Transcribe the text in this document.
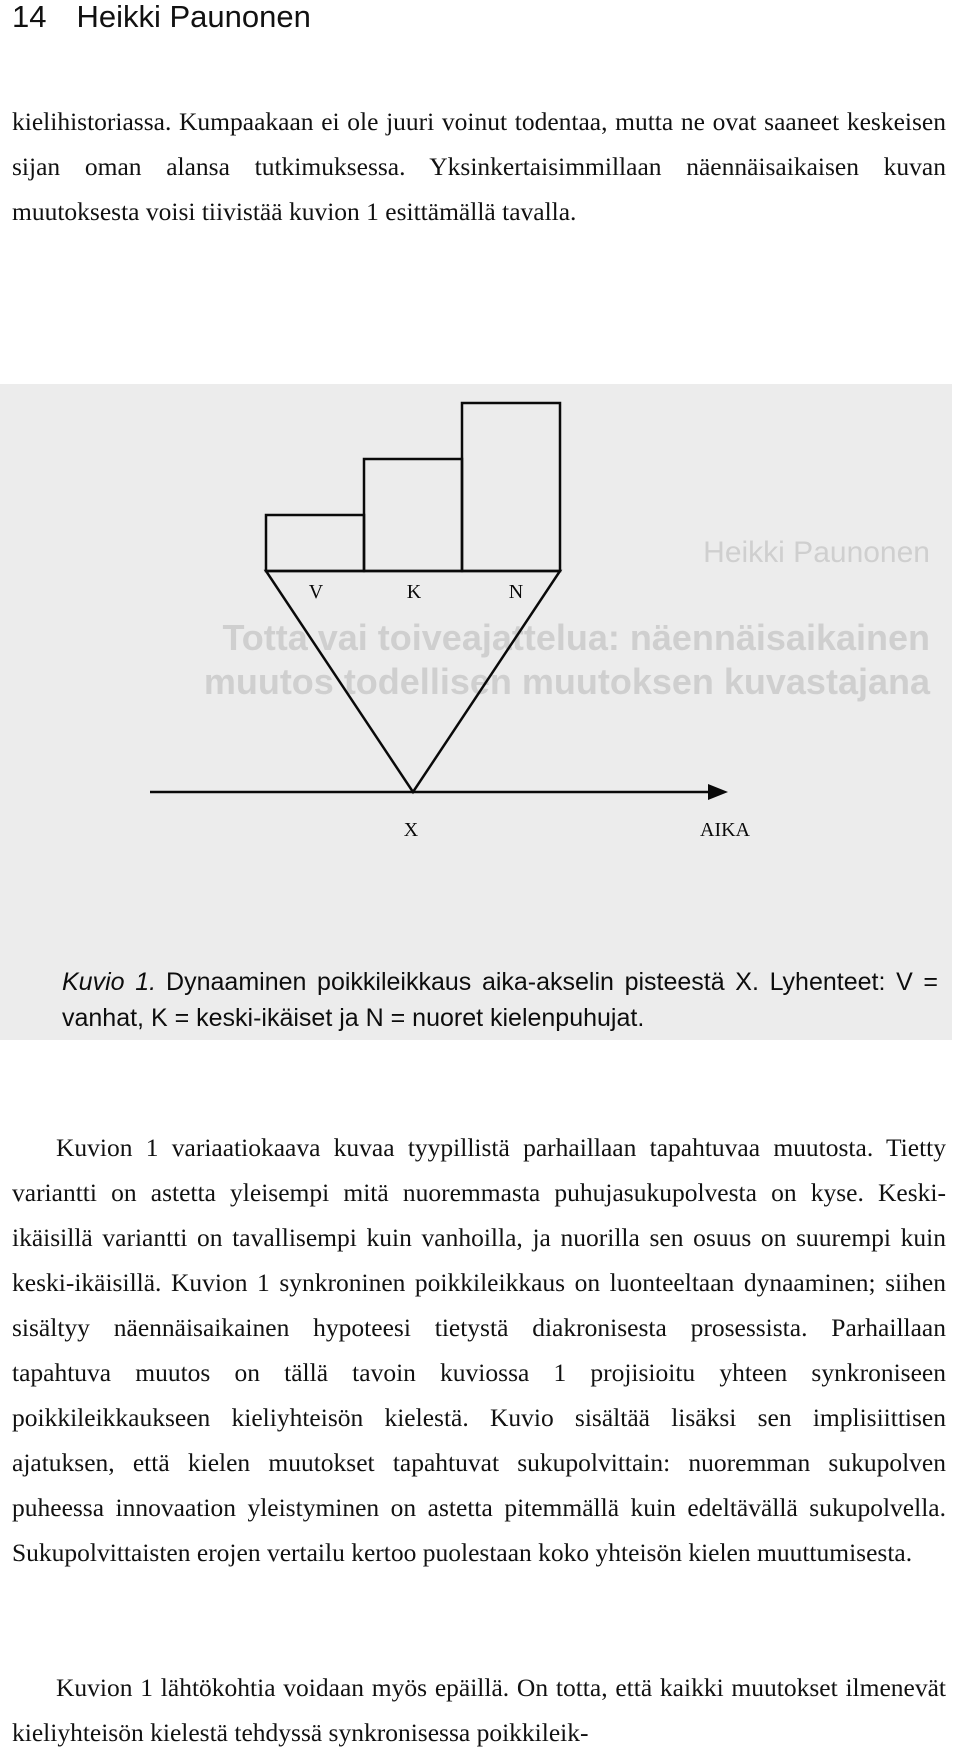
14 Heikki Paunonen

kielihistoriassa. Kumpaakaan ei ole juuri voinut todentaa, mutta ne ovat saaneet keskeisen sijan oman alansa tutkimuksessa. Yksinkertaisimmillaan näennäisaikaisen kuvan muutoksesta voisi tiivistää kuvion 1 esittämällä tavalla.

Heikki Paunonen
Totta vai toiveajattelua: näennäisaikainen
muutos todellisen muutoksen kuvastajana
V	K	N
X	AIKA
Kuvio 1. Dynaaminen poikkileikkaus aika-akselin pisteestä X. Lyhenteet: V = vanhat, K = keski-ikäiset ja N = nuoret kielenpuhujat.

Kuvion 1 variaatiokaava kuvaa tyypillistä parhaillaan tapahtuvaa muutosta. Tietty variantti on astetta yleisempi mitä nuoremmasta puhujasukupolvesta on kyse. Keski-ikäisillä variantti on tavallisempi kuin vanhoilla, ja nuorilla sen osuus on suurempi kuin keski-ikäisillä. Kuvion 1 synkroninen poikkileikkaus on luonteeltaan dynaaminen; siihen sisältyy näennäisaikainen hypoteesi tietystä diakronisesta prosessista. Parhaillaan tapahtuva muutos on tällä tavoin kuviossa 1 projisioitu yhteen synkroniseen poikkileikkaukseen kieliyhteisön kielestä. Kuvio sisältää lisäksi sen implisiittisen ajatuksen, että kielen muutokset tapahtuvat sukupolvittain: nuoremman sukupolven puheessa innovaation yleistyminen on astetta pitemmällä kuin edeltävällä sukupolvella. Sukupolvittaisten erojen vertailu kertoo puolestaan koko yhteisön kielen muuttumisesta.

Kuvion 1 lähtökohtia voidaan myös epäillä. On totta, että kaikki muutokset ilmenevät kieliyhteisön kielestä tehdyssä synkronisessa poikkileik-
